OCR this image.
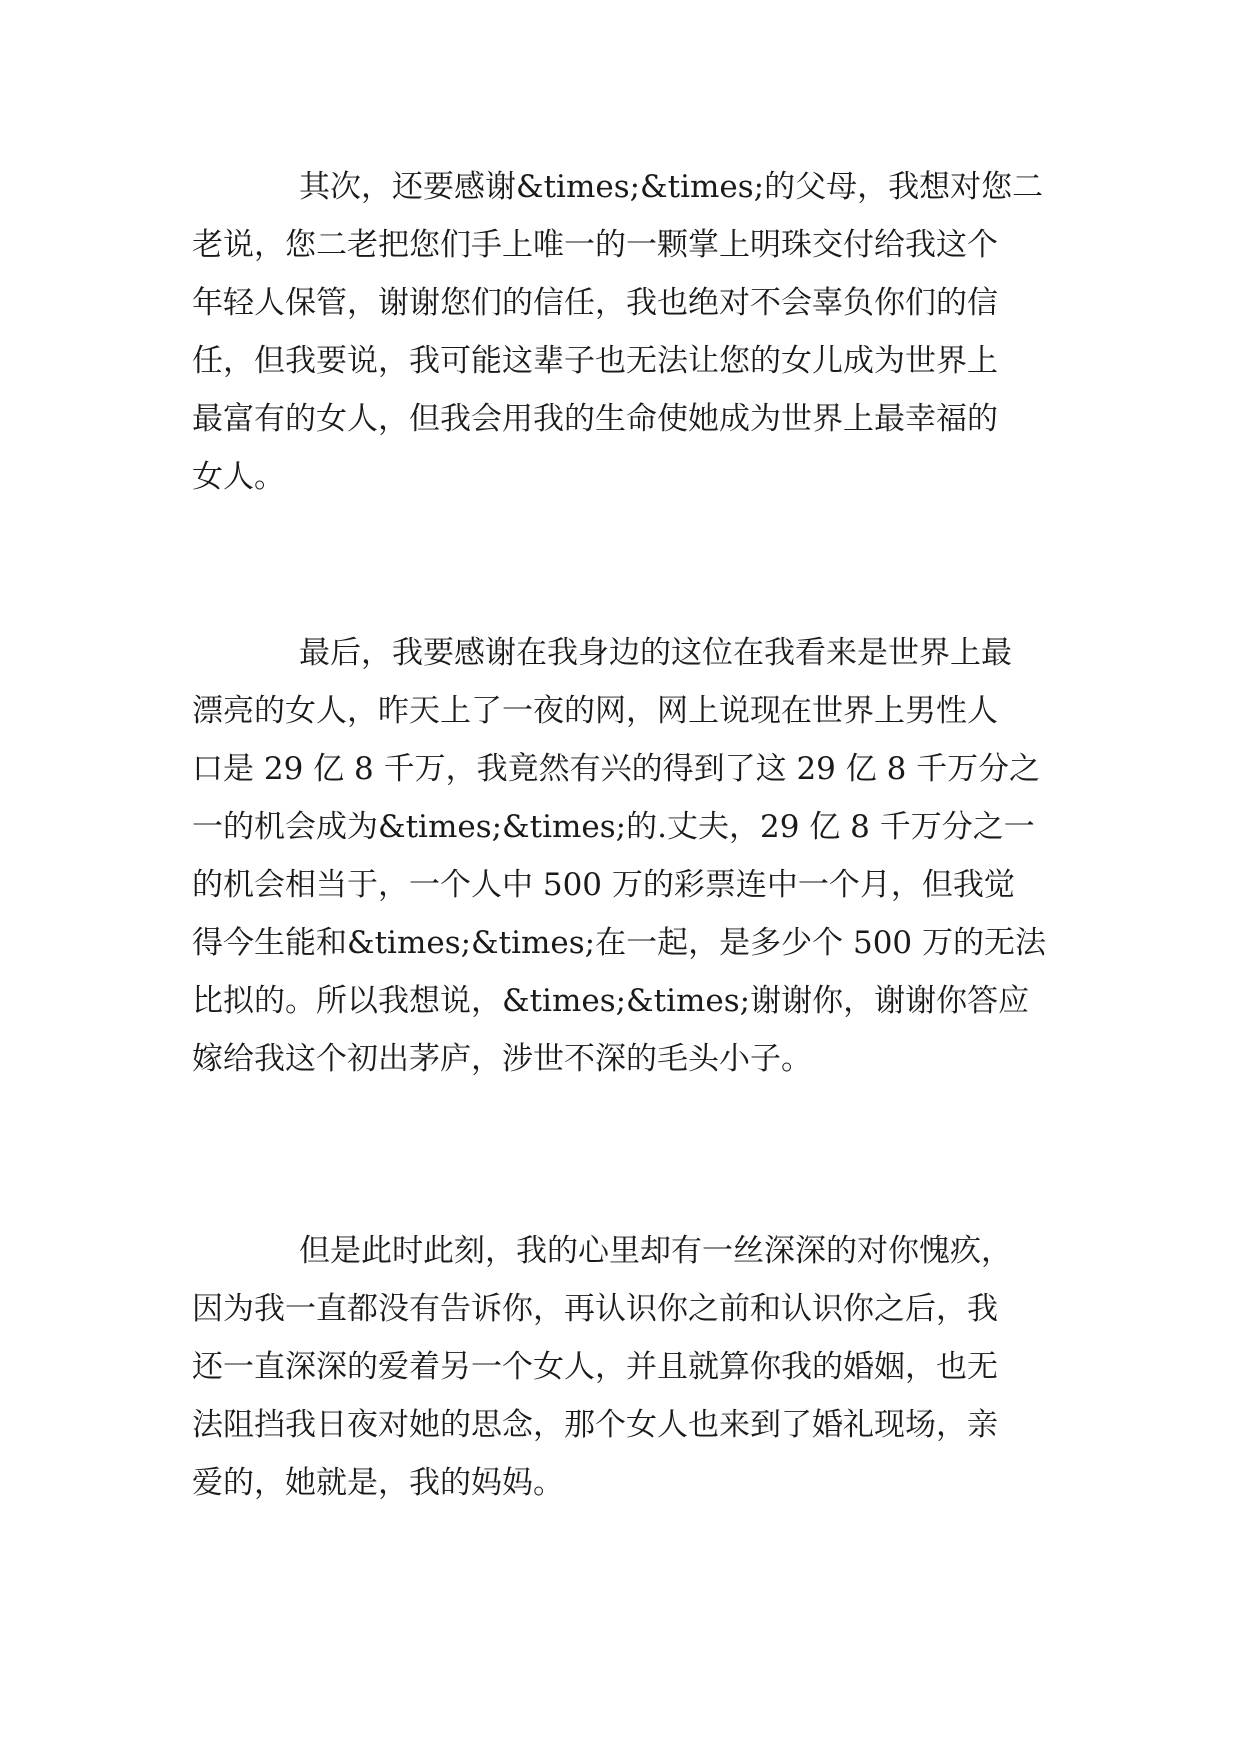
其次，还要感谢&times;&times;的父母，我想对您二
老说，您二老把您们手上唯一的一颗掌上明珠交付给我这个
年轻人保管，谢谢您们的信任，我也绝对不会辜负你们的信
任，但我要说，我可能这辈子也无法让您的女儿成为世界上
最富有的女人，但我会用我的生命使她成为世界上最幸福的
女人。
最后，我要感谢在我身边的这位在我看来是世界上最
漂亮的女人，昨天上了一夜的网，网上说现在世界上男性人
口是 29 亿 8 千万，我竟然有兴的得到了这 29 亿 8 千万分之
一的机会成为&times;&times;的.丈夫，29 亿 8 千万分之一
的机会相当于，一个人中 500 万的彩票连中一个月，但我觉
得今生能和&times;&times;在一起，是多少个 500 万的无法
比拟的。所以我想说，&times;&times;谢谢你，谢谢你答应
嫁给我这个初出茅庐，涉世不深的毛头小子。
但是此时此刻，我的心里却有一丝深深的对你愧疚，
因为我一直都没有告诉你，再认识你之前和认识你之后，我
还一直深深的爱着另一个女人，并且就算你我的婚姻，也无
法阻挡我日夜对她的思念，那个女人也来到了婚礼现场，亲
爱的，她就是，我的妈妈。
